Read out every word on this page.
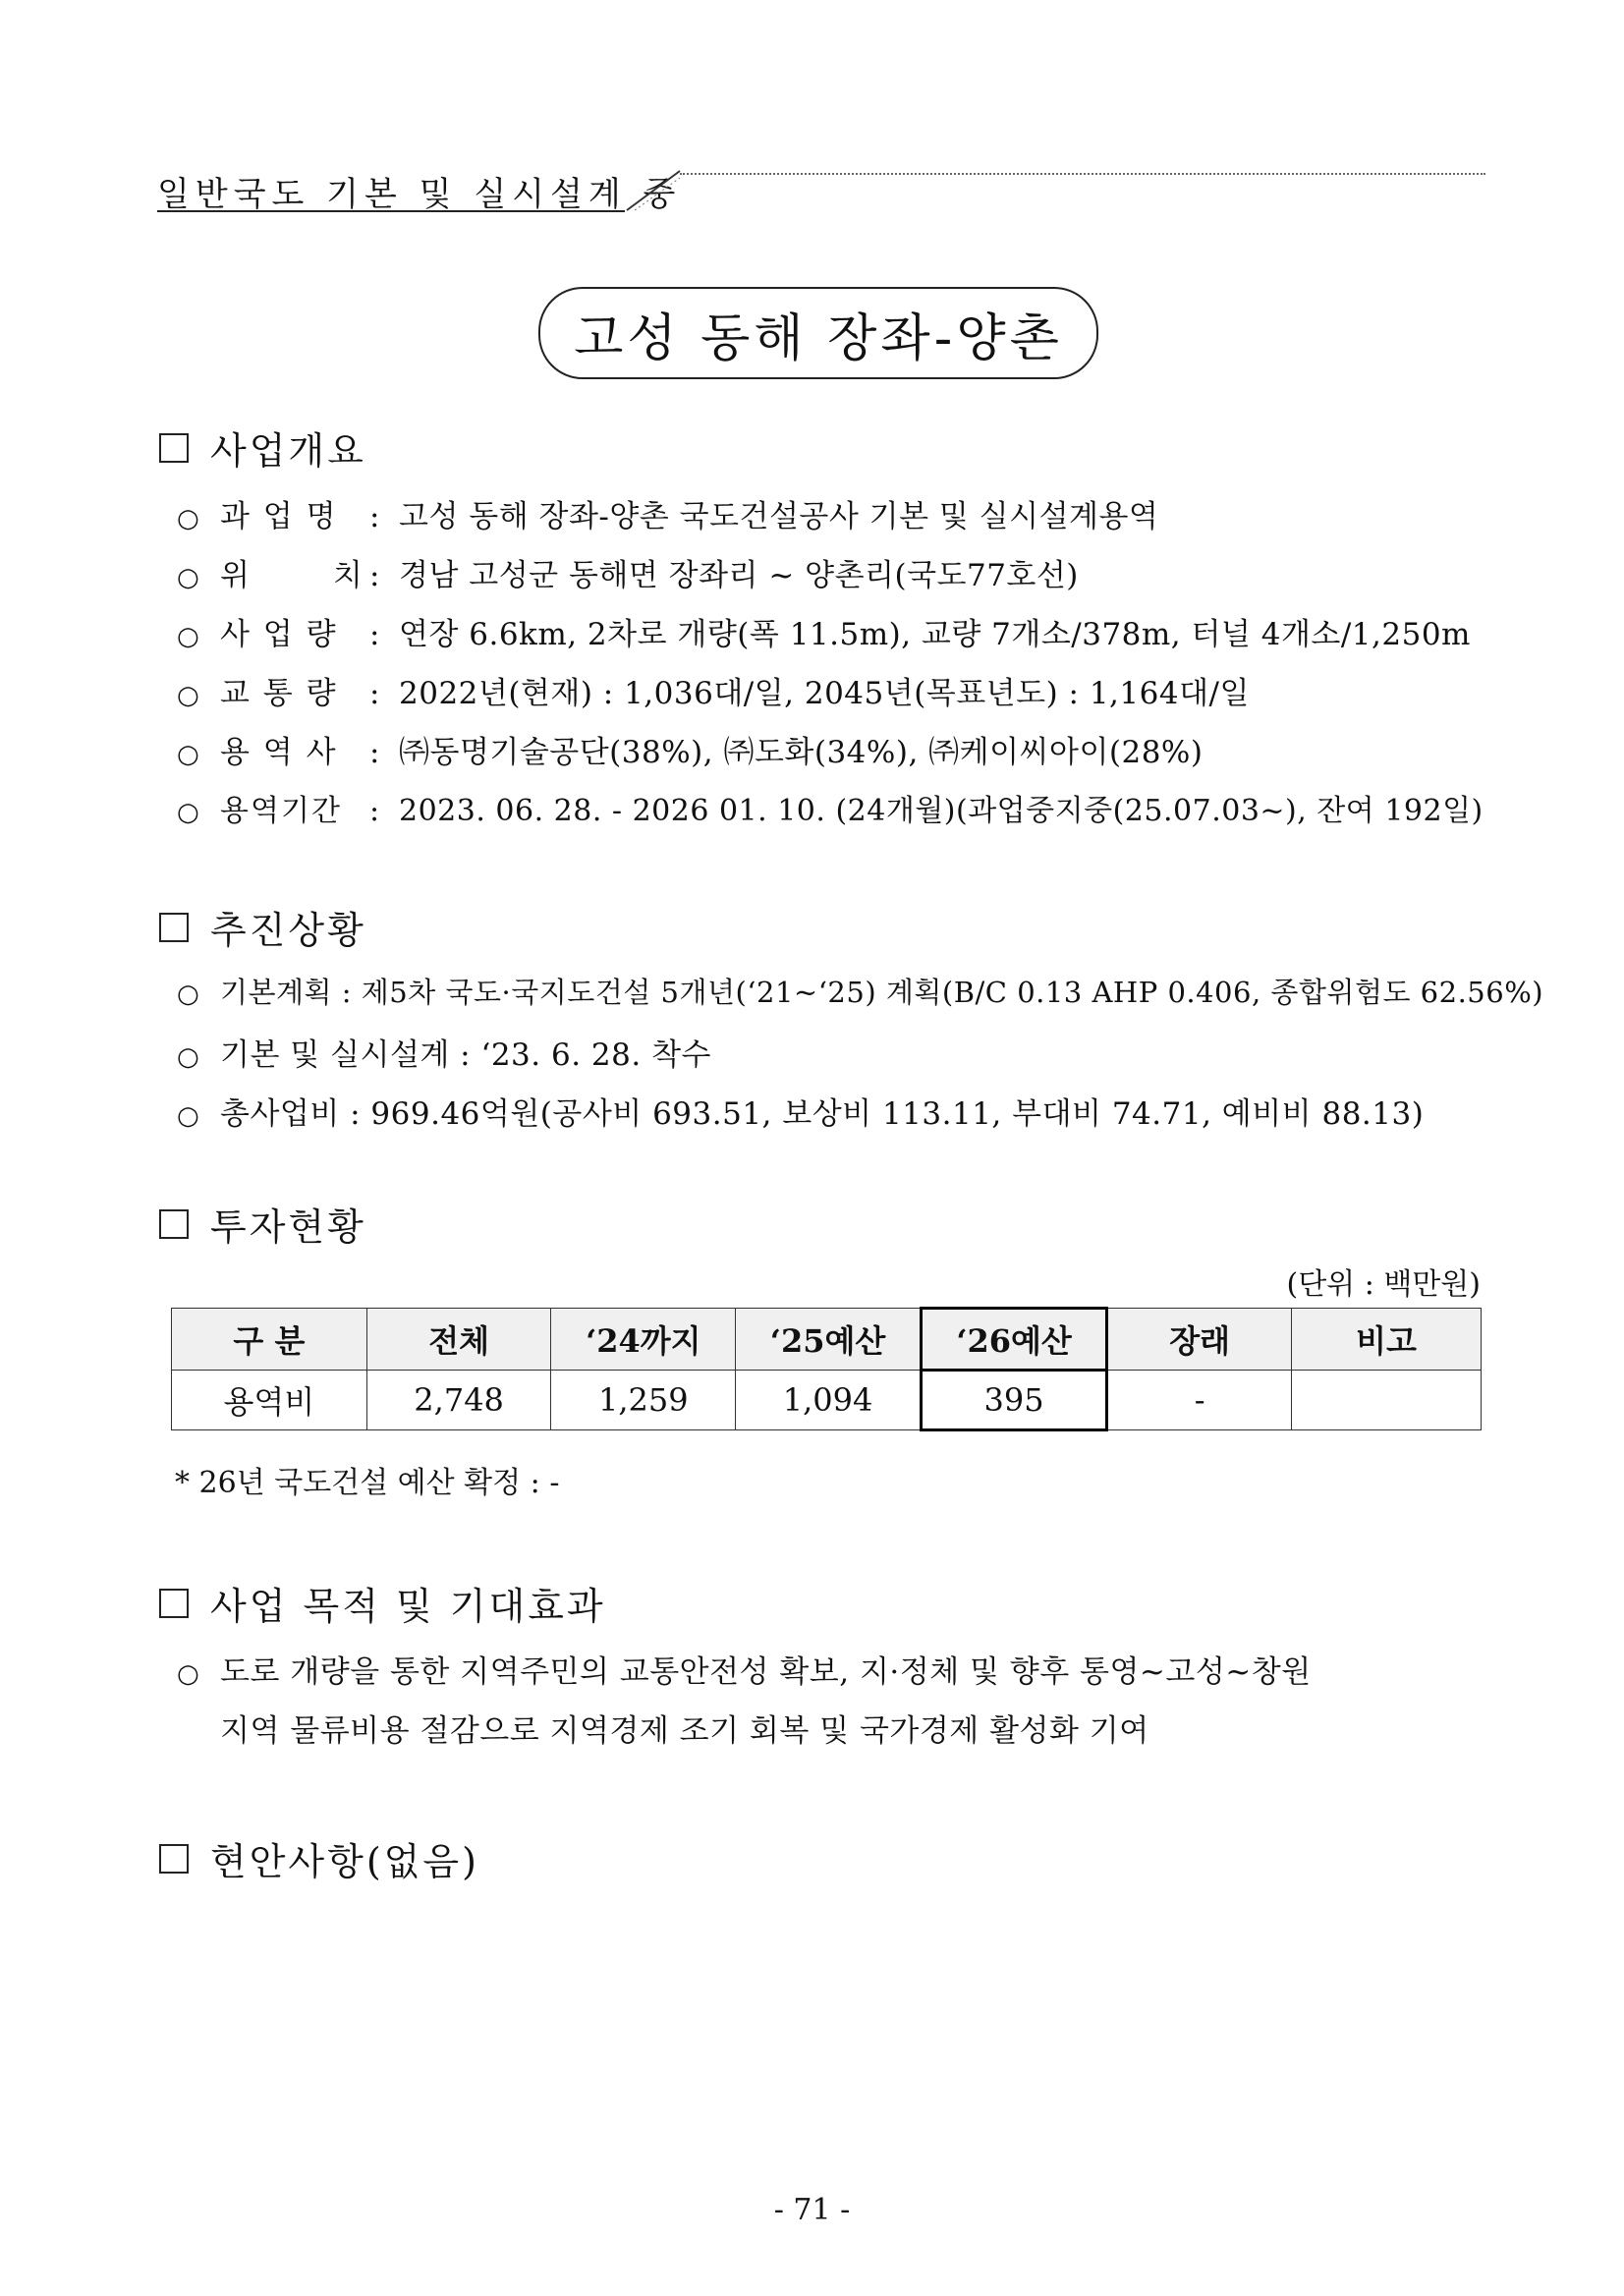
일반국도 기본 및 실시설계 중
고성 동해 장좌-양촌
사업개요
○ 과 업 명	: 고성 동해 장좌-양촌 국도건설공사 기본 및 실시설계용역
○ 위       치 : 경남 고성군 동해면 장좌리 ~ 양촌리(국도77호선)
○ 사 업 량	: 연장 6.6km, 2차로 개량(폭 11.5m), 교량 7개소/378m, 터널 4개소/1,250m
○ 교 통 량	: 2022년(현재) : 1,036대/일, 2045년(목표년도) : 1,164대/일
○ 용 역 사	: ㈜동명기술공단(38%), ㈜도화(34%), ㈜케이씨아이(28%)
○ 용역기간 : 2023. 06. 28. - 2026 01. 10. (24개월)(과업중지중(25.07.03~), 잔여 192일)
추진상황
○ 기본계획 : 제5차 국도·국지도건설 5개년(‘21~‘25) 계획(B/C 0.13 AHP 0.406, 종합위험도 62.56%)
○ 기본 및 실시설계 : ‘23. 6. 28. 착수
○ 총사업비 : 969.46억원(공사비 693.51, 보상비 113.11, 부대비 74.71, 예비비 88.13)
투자현황
(단위 : 백만원)
구 분	전체	‘24까지	‘25예산	‘26예산	장래	비고
용역비	2,748	1,259	1,094	395	-	
* 26년 국도건설 예산 확정 : -
사업 목적 및 기대효과
○ 도로 개량을 통한 지역주민의 교통안전성 확보, 지·정체 및 향후 통영~고성~창원
지역 물류비용 절감으로 지역경제 조기 회복 및 국가경제 활성화 기여
현안사항(없음)
- 71 -
